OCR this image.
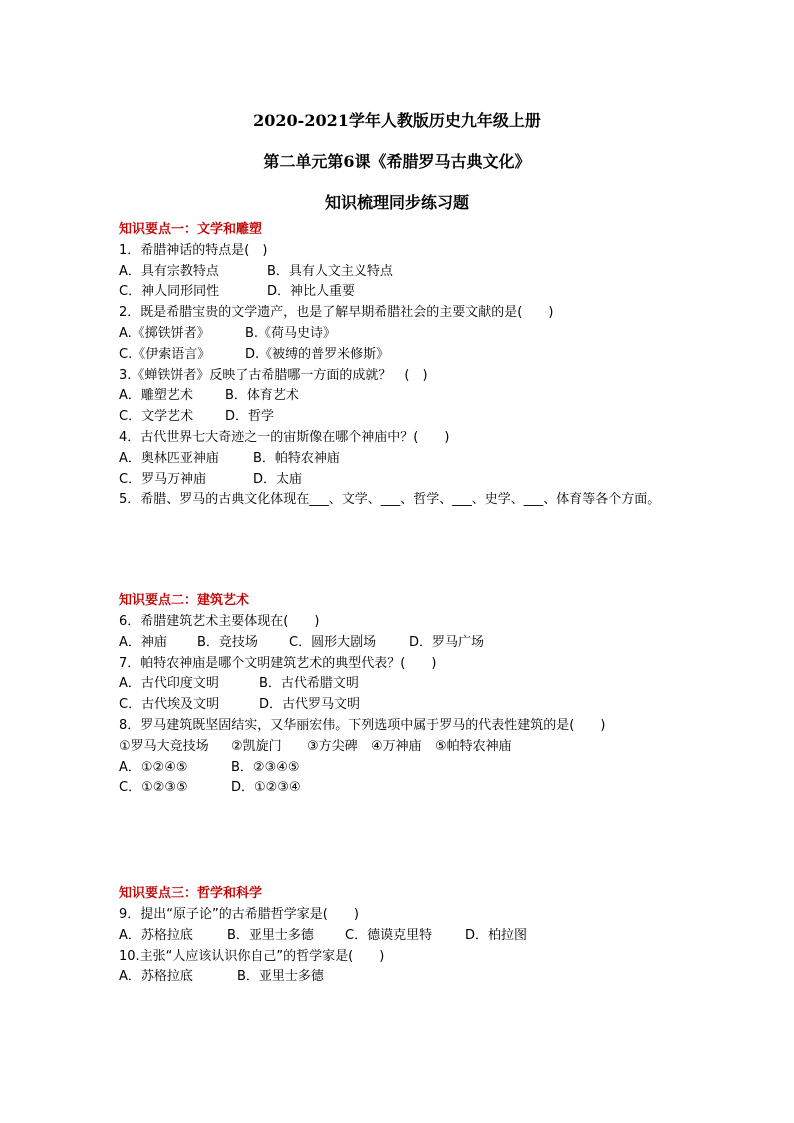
2020-2021学年人教版历史九年级上册
第二单元第6课《希腊罗马古典文化》
知识梳理同步练习题

知识要点一：文学和雕塑

1．希腊神话的特点是(　)

A．具有宗教特点	B．具有人文主义特点

C．神人同形同性	D．神比人重要

2．既是希腊宝贵的文学遗产，也是了解早期希腊社会的主要文献的是(　　)

A.《掷铁饼者》	B.《荷马史诗》

C.《伊索语言》	D.《被缚的普罗米修斯》

3.《蝉铁饼者》反映了古希腊哪一方面的成就？　(　)

A．雕塑艺术 B．体育艺术

C．文学艺术 D．哲学

4．古代世界七大奇迹之一的宙斯像在哪个神庙中？(　　)

A．奥林匹亚神庙	B．帕特农神庙

C．罗马万神庙	D．太庙

5．希腊、罗马的古典文化体现在___、文学、___、哲学、___、史学、___、体育等各个方面。

知识要点二：建筑艺术

6．希腊建筑艺术主要体现在(　　)

A．神庙 B．竞技场 C．圆形大剧场	D．罗马广场

7．帕特农神庙是哪个文明建筑艺术的典型代表？(　　)

A．古代印度文明	B．古代希腊文明

C．古代埃及文明	D．古代罗马文明

8．罗马建筑既坚固结实，又华丽宏伟。下列选项中属于罗马的代表性建筑的是(　　)

①罗马大竞技场 ②凯旋门 ③方尖碑 ④万神庙 ⑤帕特农神庙

A．①②④⑤	B．②③④⑤

C．①②③⑤	D．①②③④

知识要点三：哲学和科学

9．提出“原子论”的古希腊哲学家是(　　)

A．苏格拉底	B．亚里士多德 C．德谟克里特	D．柏拉图

10.主张“人应该认识你自己”的哲学家是(　　)

A．苏格拉底	B．亚里士多德
